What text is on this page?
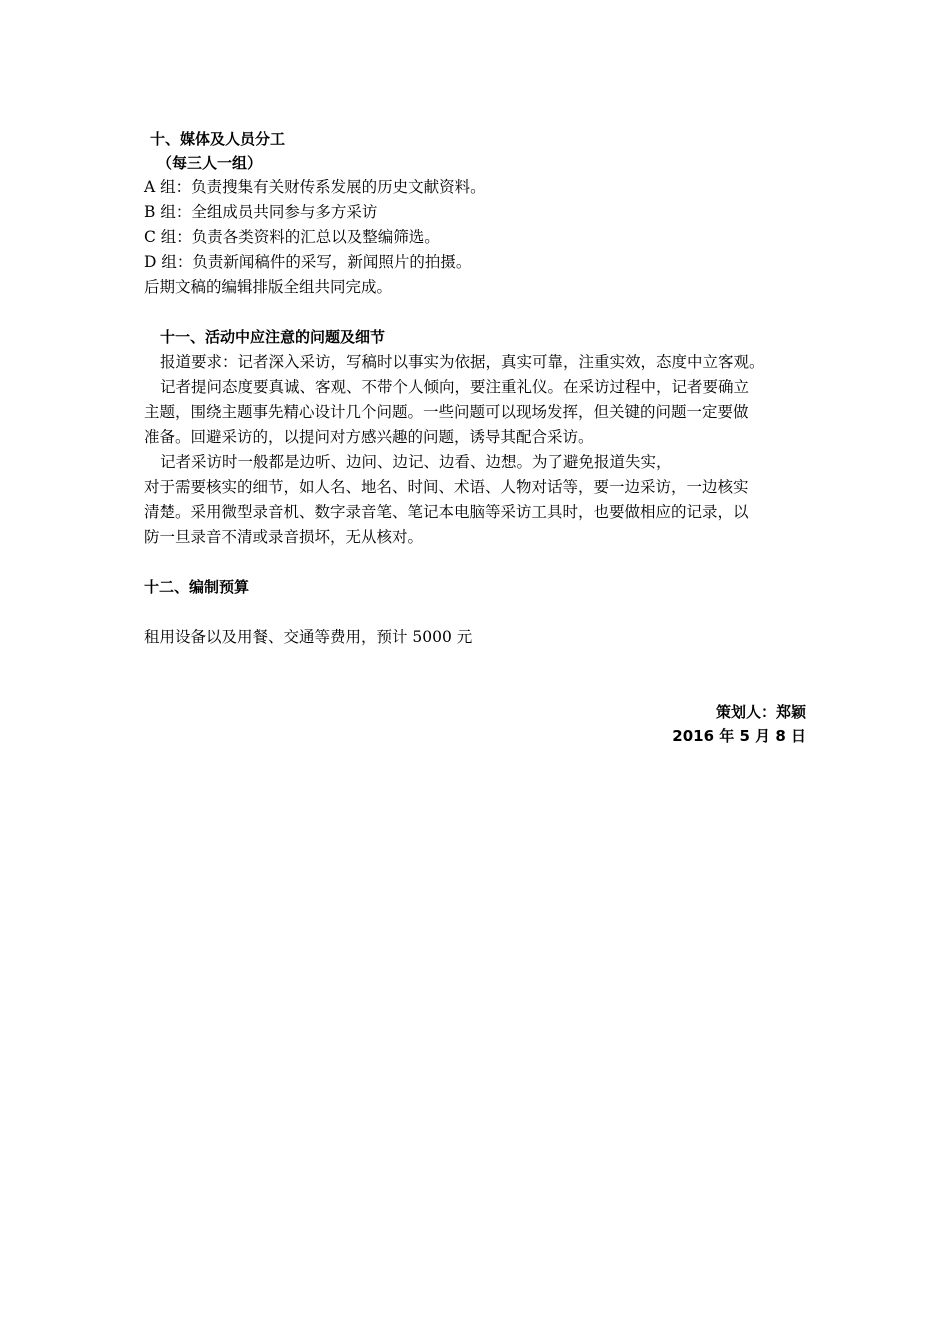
十、媒体及人员分工
（每三人一组）
A 组：负责搜集有关财传系发展的历史文献资料。
B 组：全组成员共同参与多方采访
C 组：负责各类资料的汇总以及整编筛选。
D 组：负责新闻稿件的采写，新闻照片的拍摄。
后期文稿的编辑排版全组共同完成。
十一、活动中应注意的问题及细节
报道要求：记者深入采访，写稿时以事实为依据，真实可靠，注重实效，态度中立客观。
记者提问态度要真诚、客观、不带个人倾向，要注重礼仪。在采访过程中，记者要确立
主题，围绕主题事先精心设计几个问题。一些问题可以现场发挥，但关键的问题一定要做
准备。回避采访的，以提问对方感兴趣的问题，诱导其配合采访。
记者采访时一般都是边听、边问、边记、边看、边想。为了避免报道失实，
对于需要核实的细节，如人名、地名、时间、术语、人物对话等，要一边采访，一边核实
清楚。采用微型录音机、数字录音笔、笔记本电脑等采访工具时，也要做相应的记录，以
防一旦录音不清或录音损坏，无从核对。
十二、编制预算
租用设备以及用餐、交通等费用，预计 5000 元
策划人：郑颖
2016 年 5 月 8 日
